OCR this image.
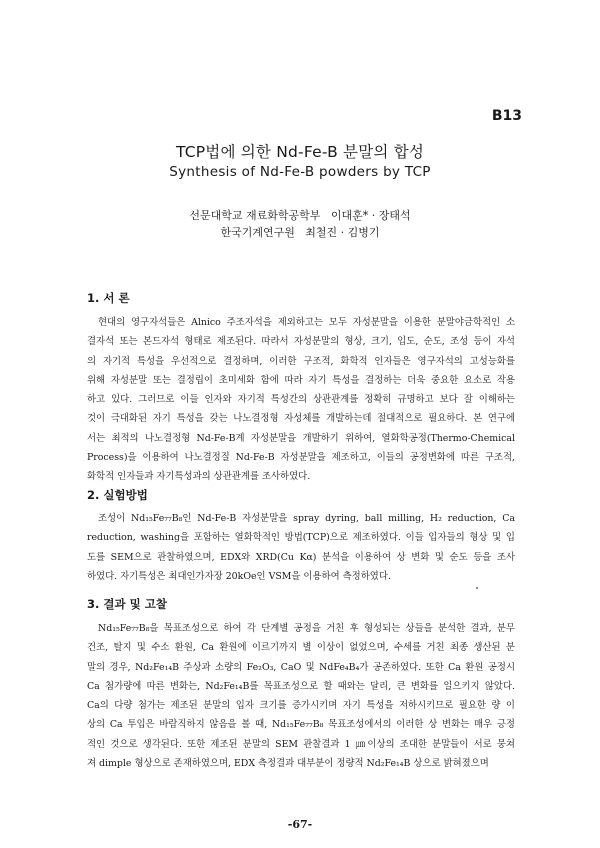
B13
TCP법에 의한 Nd-Fe-B 분말의 합성
Synthesis of Nd-Fe-B powders by TCP
선문대학교 재료화학공학부   이대훈* · 장태석
한국기계연구원   최철진 · 김병기
1. 서 론
현대의 영구자석들은 Alnico 주조자석을 제외하고는 모두 자성분말을 이용한 분말야금학적인 소
결자석 또는 본드자석 형태로 제조된다. 따라서 자성분말의 형상, 크기, 입도, 순도, 조성 등이 자석
의 자기적 특성을 우선적으로 결정하며, 이러한 구조적, 화학적 인자들은 영구자석의 고성능화를
위해 자성분말 또는 결정립이 초미세화 함에 따라 자기 특성을 결정하는 더욱 중요한 요소로 작용
하고 있다. 그러므로 이들 인자와 자기적 특성간의 상관관계를 정확히 규명하고 보다 잘 이해하는
것이 극대화된 자기 특성을 갖는 나노결정형 자성체를 개발하는데 절대적으로 필요하다. 본 연구에
서는 최적의 나노결정형 Nd-Fe-B계 자성분말을 개발하기 위하여, 열화학공정(Thermo-Chemical
Process)을 이용하여 나노결정질 Nd-Fe-B 자성분말을 제조하고, 이들의 공정변화에 따른 구조적,
화학적 인자들과 자기특성과의 상관관계를 조사하였다.
2. 실험방법
조성이 Nd₁₅Fe₇₇B₈인 Nd-Fe-B 자성분말을 spray dyring, ball milling, H₂ reduction, Ca
reduction, washing을 포함하는 열화학적인 방법(TCP)으로 제조하였다. 이들 입자들의 형상 및 입
도를 SEM으로 관찰하였으며, EDX와 XRD(Cu Kα) 분석을 이용하여 상 변화 및 순도 등을 조사
하였다. 자기특성은 최대인가자장 20kOe인 VSM을 이용하여 측정하였다.
3. 결과 및 고찰
Nd₁₅Fe₇₇B₈을 목표조성으로 하여 각 단계별 공정을 거친 후 형성되는 상들을 분석한 결과, 분무
건조, 탈지 및 수소 환원, Ca 환원에 이르기까지 별 이상이 없었으며, 수세를 거친 최종 생산된 분
말의 경우, Nd₂Fe₁₄B 주상과 소량의 Fe₂O₃, CaO 및 NdFe₄B₄가 공존하였다. 또한 Ca 환원 공정시
Ca 첨가량에 따른 변화는, Nd₂Fe₁₄B를 목표조성으로 할 때와는 달리, 큰 변화를 일으키지 않았다.
Ca의 다량 첨가는 제조된 분말의 입자 크기를 증가시키며 자기 특성을 저하시키므로 필요한 량 이
상의 Ca 투입은 바람직하지 않음을 볼 때, Nd₁₅Fe₇₇B₈ 목표조성에서의 이러한 상 변화는 매우 긍정
적인 것으로 생각된다. 또한 제조된 분말의 SEM 관찰결과 1 ㎛이상의 조대한 분말들이 서로 뭉쳐
져 dimple 형상으로 존재하였으며, EDX 측정결과 대부분이 정량적 Nd₂Fe₁₄B 상으로 밝혀졌으며
-67-
